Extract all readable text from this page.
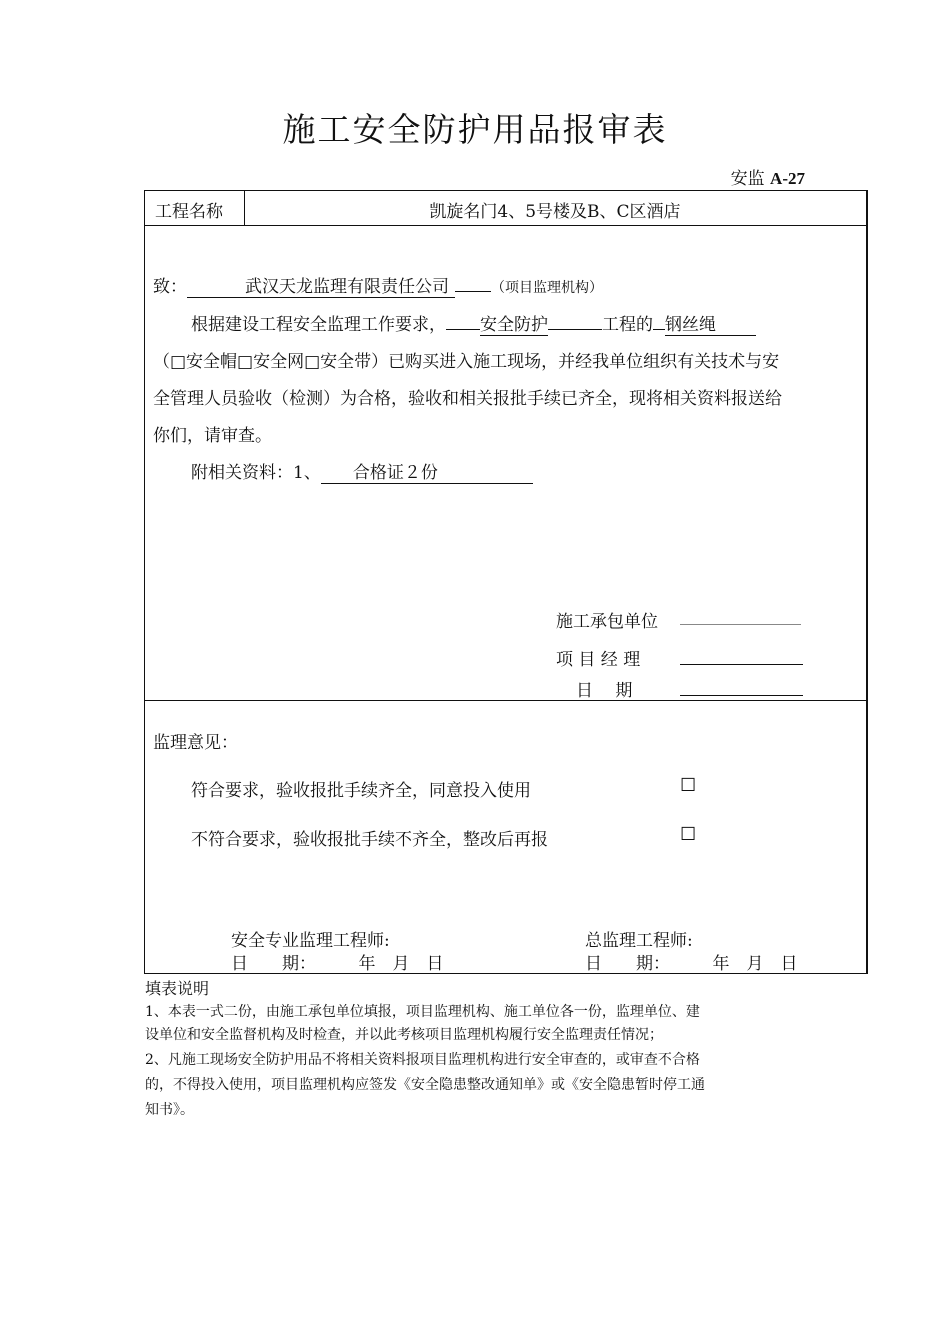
施工安全防护用品报审表
安监 A-27
工程名称	凯旋名门4、5号楼及B、C区酒店
致：	武汉天龙监理有限责任公司	（项目监理机构）
根据建设工程安全监理工作要求， 安全防护	工程的 钢丝绳
（□安全帽□安全网□安全带）已购买进入施工现场，并经我单位组织有关技术与安
全管理人员验收（检测）为合格，验收和相关报批手续已齐全，现将相关资料报送给
你们，请审查。
附相关资料：1、 合格证２份
施工承包单位
项 目 经 理
日　 期
监理意见：
符合要求，验收报批手续齐全，同意投入使用	☐
不符合要求，验收报批手续不齐全，整改后再报	☐
安全专业监理工程师:	总监理工程师:
日　　期：　　　年　月　日	日　　期：　　　年　月　日
填表说明
1、本表一式二份，由施工承包单位填报，项目监理机构、施工单位各一份，监理单位、建
设单位和安全监督机构及时检查，并以此考核项目监理机构履行安全监理责任情况；
2、凡施工现场安全防护用品不将相关资料报项目监理机构进行安全审查的，或审查不合格
的，不得投入使用，项目监理机构应签发《安全隐患整改通知单》或《安全隐患暂时停工通
知书》。
